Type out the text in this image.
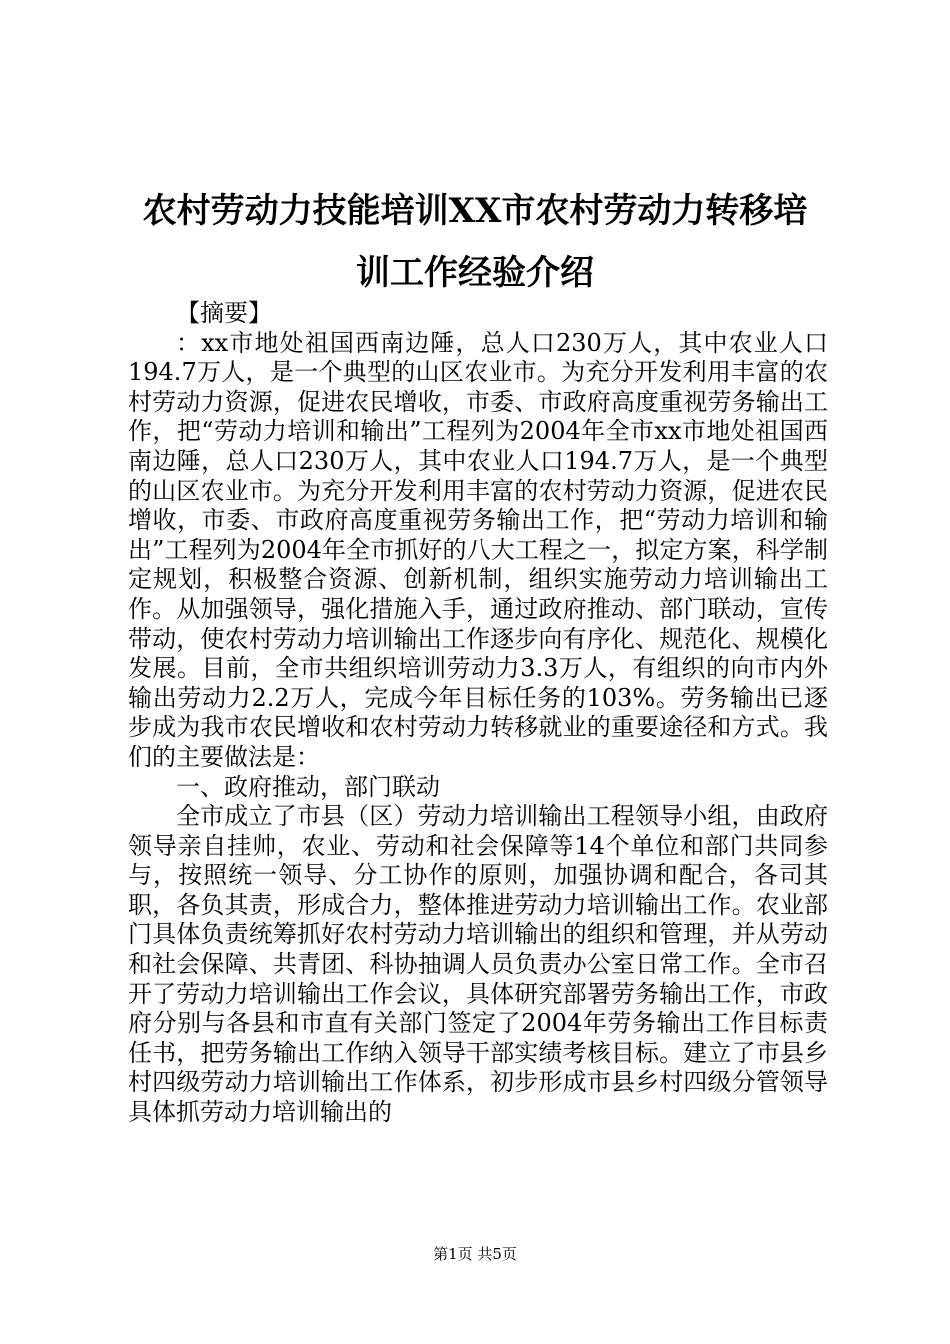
农村劳动力技能培训XX市农村劳动力转移培
训工作经验介绍

【摘要】

：xx市地处祖国西南边陲，总人口230万人，其中农业人口194.7万人，是一个典型的山区农业市。为充分开发利用丰富的农村劳动力资源，促进农民增收，市委、市政府高度重视劳务输出工作，把“劳动力培训和输出”工程列为2004年全市xx市地处祖国西南边陲，总人口230万人，其中农业人口194.7万人，是一个典型的山区农业市。为充分开发利用丰富的农村劳动力资源，促进农民增收，市委、市政府高度重视劳务输出工作，把“劳动力培训和输出”工程列为2004年全市抓好的八大工程之一，拟定方案，科学制定规划，积极整合资源、创新机制，组织实施劳动力培训输出工作。从加强领导，强化措施入手，通过政府推动、部门联动，宣传带动，使农村劳动力培训输出工作逐步向有序化、规范化、规模化发展。目前，全市共组织培训劳动力3.3万人，有组织的向市内外输出劳动力2.2万人，完成今年目标任务的103%。劳务输出已逐步成为我市农民增收和农村劳动力转移就业的重要途径和方式。我们的主要做法是：

一、政府推动，部门联动

全市成立了市县（区）劳动力培训输出工程领导小组，由政府领导亲自挂帅，农业、劳动和社会保障等14个单位和部门共同参与，按照统一领导、分工协作的原则，加强协调和配合，各司其职，各负其责，形成合力，整体推进劳动力培训输出工作。农业部门具体负责统筹抓好农村劳动力培训输出的组织和管理，并从劳动和社会保障、共青团、科协抽调人员负责办公室日常工作。全市召开了劳动力培训输出工作会议，具体研究部署劳务输出工作，市政府分别与各县和市直有关部门签定了2004年劳务输出工作目标责任书，把劳务输出工作纳入领导干部实绩考核目标。建立了市县乡村四级劳动力培训输出工作体系，初步形成市县乡村四级分管领导具体抓劳动力培训输出的

第1页 共5页
